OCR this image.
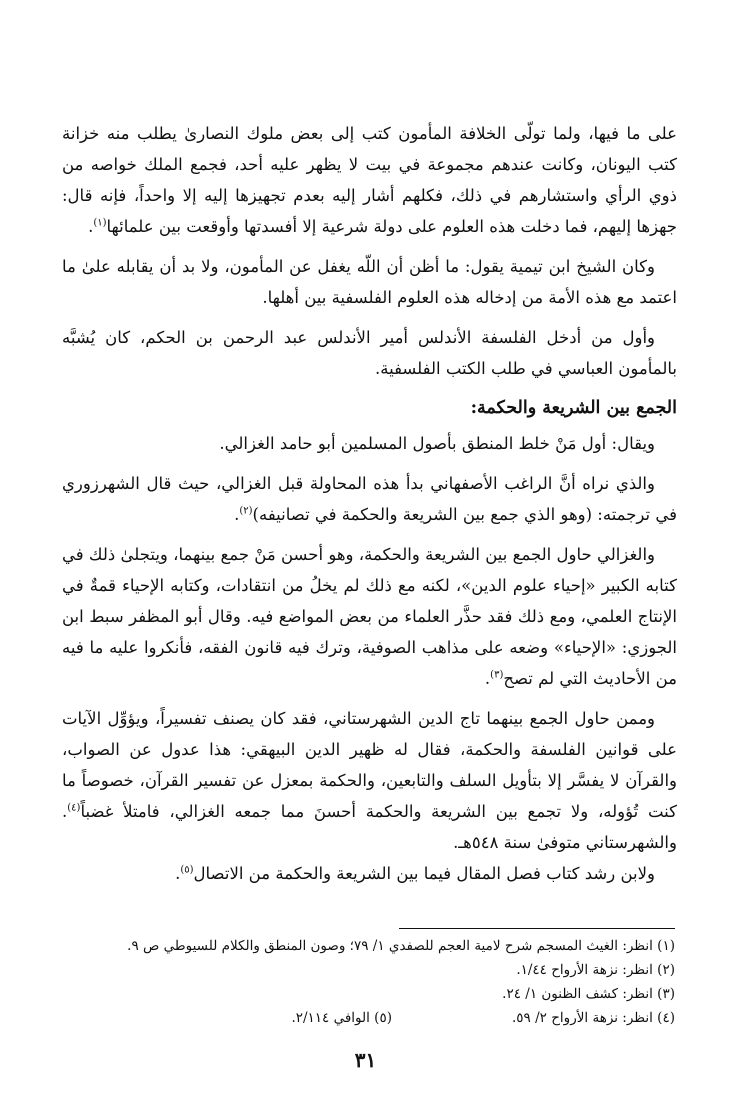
على ما فيها، ولما تولّى الخلافة المأمون كتب إلى بعض ملوك النصارىٰ يطلب منه خزانة كتب اليونان، وكانت عندهم مجموعة في بيت لا يظهر عليه أحد، فجمع الملك خواصه من ذوي الرأي واستشارهم في ذلك، فكلهم أشار إليه بعدم تجهيزها إليه إلا واحداً، فإنه قال: جهزها إليهم، فما دخلت هذه العلوم على دولة شرعية إلا أفسدتها وأوقعت بين علمائها$^{(١)}$.

وكان الشيخ ابن تيمية يقول: ما أظن أن اللّه يغفل عن المأمون، ولا بد أن يقابله علىٰ ما اعتمد مع هذه الأمة من إدخاله هذه العلوم الفلسفية بين أهلها.

وأول من أدخل الفلسفة الأندلس أمير الأندلس عبد الرحمن بن الحكم، كان يُشبَّه بالمأمون العباسي في طلب الكتب الفلسفية.

الجمع بين الشريعة والحكمة:

ويقال: أول مَنْ خلط المنطق بأصول المسلمين أبو حامد الغزالي.

والذي نراه أنَّ الراغب الأصفهاني بدأ هذه المحاولة قبل الغزالي، حيث قال الشهرزوري في ترجمته: (وهو الذي جمع بين الشريعة والحكمة في تصانيفه)$^{(٢)}$.

والغزالي حاول الجمع بين الشريعة والحكمة، وهو أحسن مَنْ جمع بينهما، ويتجلىٰ ذلك في كتابه الكبير «إحياء علوم الدين»، لكنه مع ذلك لم يخلُ من انتقادات، وكتابه الإحياء قمةٌ في الإنتاج العلمي، ومع ذلك فقد حذَّر العلماء من بعض المواضع فيه. وقال أبو المظفر سبط ابن الجوزي: «الإحياء» وضعه على مذاهب الصوفية، وترك فيه قانون الفقه، فأنكروا عليه ما فيه من الأحاديث التي لم تصح$^{(٣)}$.

وممن حاول الجمع بينهما تاج الدين الشهرستاني، فقد كان يصنف تفسيراً، ويؤوِّل الآيات على قوانين الفلسفة والحكمة، فقال له ظهير الدين البيهقي: هذا عدول عن الصواب، والقرآن لا يفسَّر إلا بتأويل السلف والتابعين، والحكمة بمعزل عن تفسير القرآن، خصوصاً ما كنت تُؤوله، ولا تجمع بين الشريعة والحكمة أحسنَ مما جمعه الغزالي، فامتلأ غضباً$^{(٤)}$. والشهرستاني متوفىٰ سنة ٥٤٨هـ.

ولابن رشد كتاب فصل المقال فيما بين الشريعة والحكمة من الاتصال$^{(٥)}$.

(١) انظر: الغيث المسجم شرح لامية العجم للصفدي ١/ ٧٩؛ وصون المنطق والكلام للسيوطي ص ٩.
(٢) انظر: نزهة الأرواح ١/٤٤.
(٣) انظر: كشف الظنون ١/ ٢٤.
(٤) انظر: نزهة الأرواح ٢/ ٥٩.
(٥) الوافي ٢/١١٤.
٣١
